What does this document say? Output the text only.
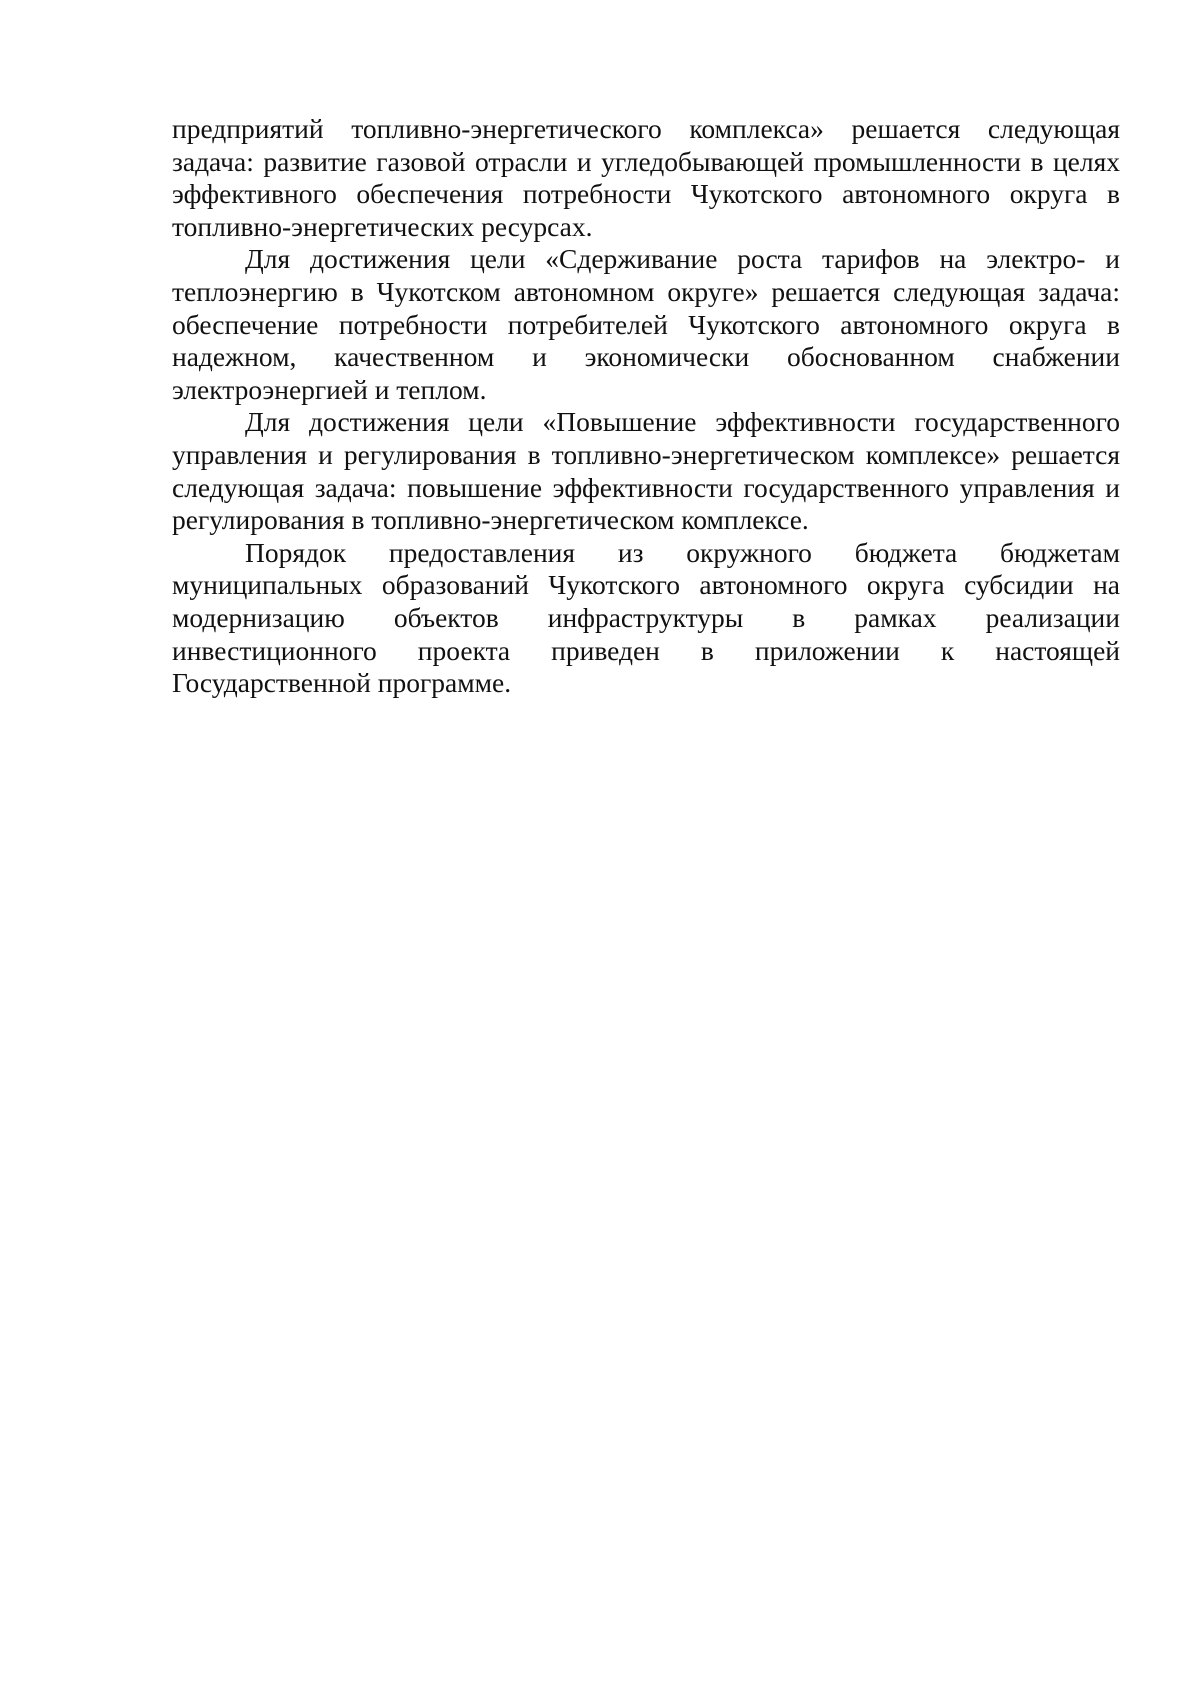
предприятий топливно-энергетического комплекса» решается следующая задача: развитие газовой отрасли и угледобывающей промышленности в целях эффективного обеспечения потребности Чукотского автономного округа в топливно-энергетических ресурсах.

Для достижения цели «Сдерживание роста тарифов на электро- и теплоэнергию в Чукотском автономном округе» решается следующая задача: обеспечение потребности потребителей Чукотского автономного округа в надежном, качественном и экономически обоснованном снабжении электроэнергией и теплом.

Для достижения цели «Повышение эффективности государственного управления и регулирования в топливно-энергетическом комплексе» решается следующая задача: повышение эффективности государственного управления и регулирования в топливно-энергетическом комплексе.

Порядок предоставления из окружного бюджета бюджетам муниципальных образований Чукотского автономного округа субсидии на модернизацию объектов инфраструктуры в рамках реализации инвестиционного проекта приведен в приложении к настоящей Государственной программе.
